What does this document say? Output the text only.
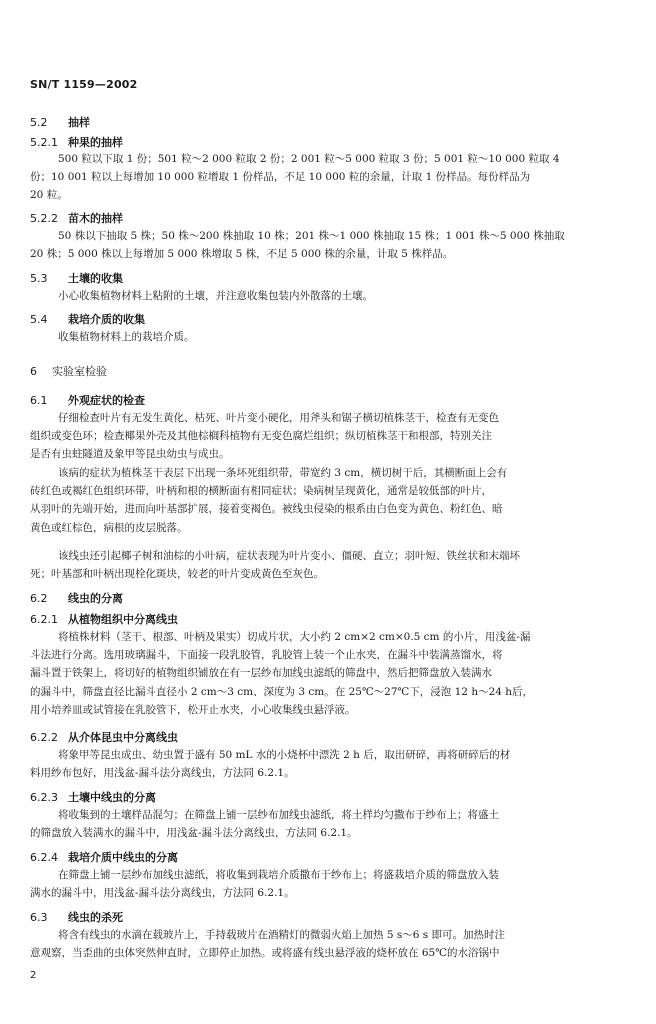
SN/T 1159—2002
5.2 抽样
5.2.1 种果的抽样
500 粒以下取 1 份；501 粒～2 000 粒取 2 份；2 001 粒～5 000 粒取 3 份；5 001 粒～10 000 粒取 4
份；10 001 粒以上每增加 10 000 粒增取 1 份样品，不足 10 000 粒的余量，计取 1 份样品。每份样品为
20 粒。
5.2.2 苗木的抽样
50 株以下抽取 5 株；50 株～200 株抽取 10 株；201 株～1 000 株抽取 15 株；1 001 株～5 000 株抽取
20 株；5 000 株以上每增加 5 000 株增取 5 株，不足 5 000 株的余量，计取 5 株样品。
5.3 土壤的收集
小心收集植物材料上粘附的土壤，并注意收集包装内外散落的土壤。
5.4 栽培介质的收集
收集植物材料上的栽培介质。
6 实验室检验
6.1 外观症状的检查
仔细检查叶片有无发生黄化、枯死、叶片变小硬化，用斧头和锯子横切植株茎干，检查有无变色
组织或变色环；检查椰果外壳及其他棕榈科植物有无变色腐烂组织；纵切植株茎干和根部，特别关注
是否有虫蛀隧道及象甲等昆虫幼虫与成虫。
该病的症状为植株茎干表层下出现一条坏死组织带，带宽约 3 cm，横切树干后，其横断面上会有
砖红色或褐红色组织环带，叶柄和根的横断面有相同症状；染病树呈现黄化，通常是较低部的叶片，
从羽叶的先端开始，进而向叶基部扩展，接着变褐色。被线虫侵染的根系由白色变为黄色、粉红色、暗
黄色或红棕色，病根的皮层脱落。
该线虫还引起椰子树和油棕的小叶病，症状表现为叶片变小、僵硬、直立；羽叶短、铁丝状和末端坏
死；叶基部和叶柄出现栓化斑块，较老的叶片变成黄色至灰色。
6.2 线虫的分离
6.2.1 从植物组织中分离线虫
将植株材料（茎干、根部、叶柄及果实）切成片状，大小约 2 cm×2 cm×0.5 cm 的小片，用浅盆-漏
斗法进行分离。选用玻璃漏斗，下面接一段乳胶管，乳胶管上装一个止水夹，在漏斗中装满蒸馏水，将
漏斗置于铁架上，将切好的植物组织铺放在有一层纱布加线虫滤纸的筛盘中，然后把筛盘放入装满水
的漏斗中，筛盘直径比漏斗直径小 2 cm～3 cm、深度为 3 cm。在 25℃～27℃下，浸泡 12 h～24 h后，
用小培养皿或试管接在乳胶管下，松开止水夹，小心收集线虫悬浮液。
6.2.2 从介体昆虫中分离线虫
将象甲等昆虫成虫、幼虫置于盛有 50 mL 水的小烧杯中漂洗 2 h 后，取出研碎，再将研碎后的材
料用纱布包好，用浅盆-漏斗法分离线虫，方法同 6.2.1。
6.2.3 土壤中线虫的分离
将收集到的土壤样品混匀；在筛盘上铺一层纱布加线虫滤纸，将土样均匀撒布于纱布上；将盛土
的筛盘放入装满水的漏斗中，用浅盆-漏斗法分离线虫，方法同 6.2.1。
6.2.4 栽培介质中线虫的分离
在筛盘上铺一层纱布加线虫滤纸，将收集到栽培介质撒布于纱布上；将盛栽培介质的筛盘放入装
满水的漏斗中，用浅盆-漏斗法分离线虫，方法同 6.2.1。
6.3 线虫的杀死
将含有线虫的水滴在载玻片上，手持载玻片在酒精灯的微弱火焰上加热 5 s～6 s 即可。加热时注
意观察，当歪曲的虫体突然伸直时，立即停止加热。或将盛有线虫悬浮液的烧杯放在 65℃的水浴锅中
2
